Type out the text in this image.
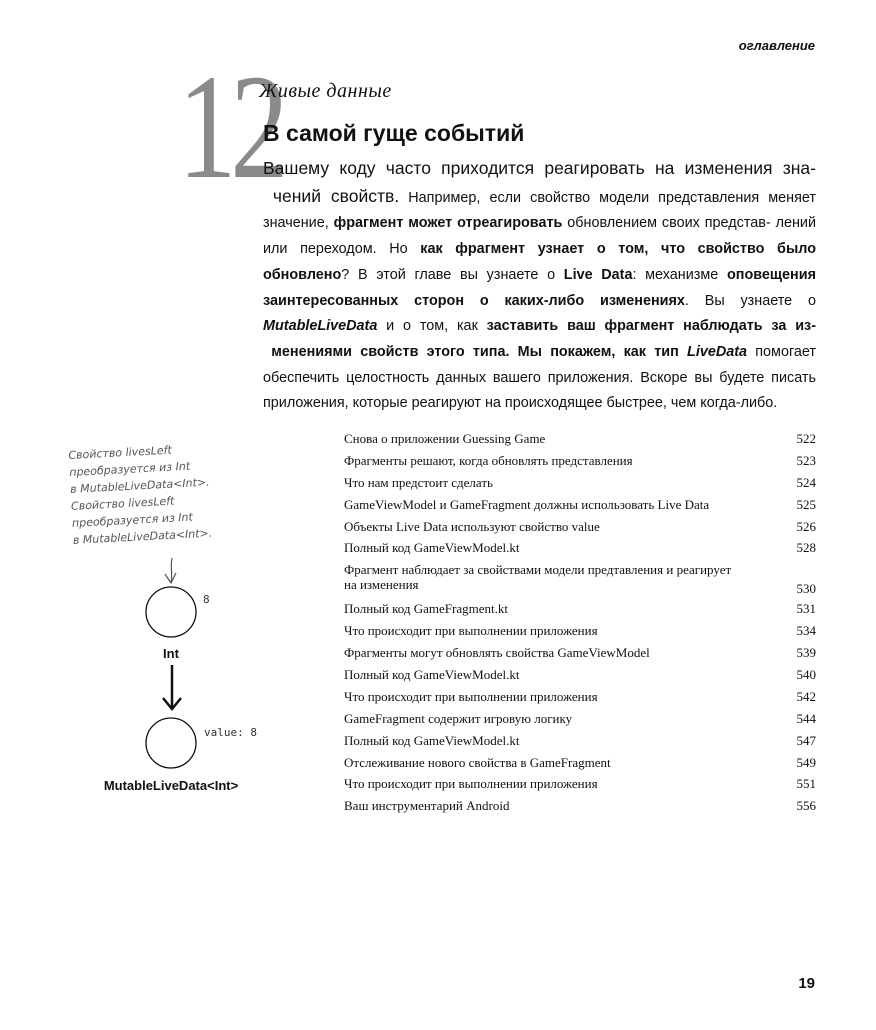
оглавление
12
Живые данные
В самой гуще событий
Вашему коду часто приходится реагировать на изменения зна- чений свойств. Например, если свойство модели представления меняет значение, фрагмент может отреагировать обновлением своих представ- лений или переходом. Но как фрагмент узнает о том, что свойство было обновлено? В этой главе вы узнаете о Live Data: механизме оповещения заинтересованных сторон о каких-либо изменениях. Вы узнаете о MutableLiveData и о том, как заставить ваш фрагмент наблюдать за из- менениями свойств этого типа. Мы покажем, как тип LiveData помогает обеспечить целостность данных вашего приложения. Вскоре вы будете писать приложения, которые реагируют на происходящее быстрее, чем когда-либо.
Свойство livesLeft
преобразуется из Int
в MutableLiveData<Int>.
Свойство livesLeft
преобразуется из Int
в MutableLiveData<Int>.
8
Int
value: 8
MutableLiveData<Int>
Снова о приложении Guessing Game	522
Фрагменты решают, когда обновлять представления	523
Что нам предстоит сделать	524
GameViewModel и GameFragment должны использовать Live Data	525
Объекты Live Data используют свойство value	526
Полный код GameViewModel.kt	528
Фрагмент наблюдает за свойствами модели предтавления и реагирует на изменения	530
Полный код GameFragment.kt	531
Что происходит при выполнении приложения	534
Фрагменты могут обновлять свойства GameViewModel	539
Полный код GameViewModel.kt	540
Что происходит при выполнении приложения	542
GameFragment содержит игровую логику	544
Полный код GameViewModel.kt	547
Отслеживание нового свойства в GameFragment	549
Что происходит при выполнении приложения	551
Ваш инструментарий Android	556
19
